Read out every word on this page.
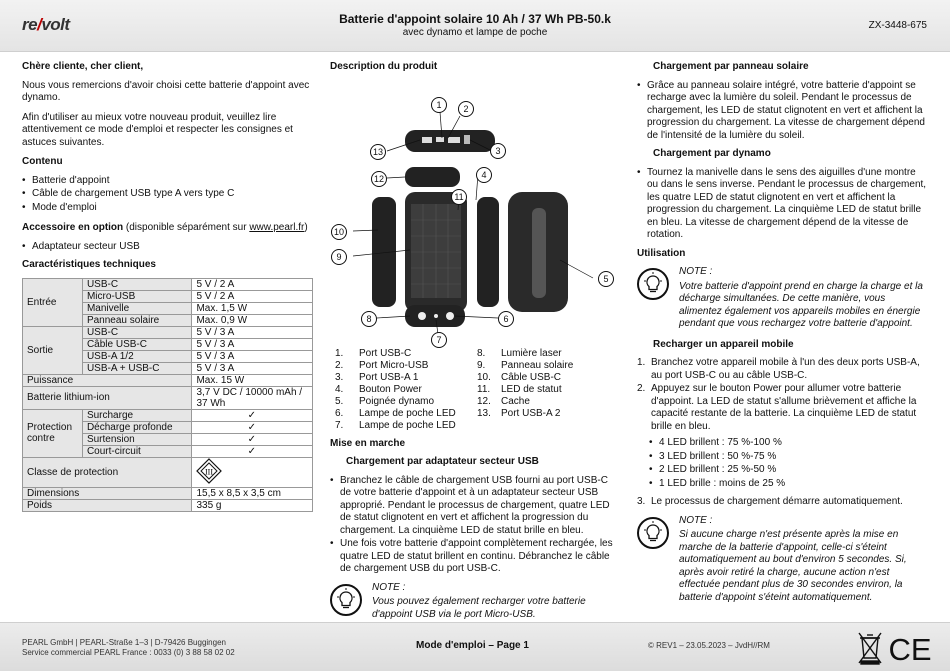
re/volt	Batterie d'appoint solaire 10 Ah / 37 Wh PB-50.k
avec dynamo et lampe de poche
ZX-3448-675
Chère cliente, cher client,

Nous vous remercions d'avoir choisi cette batterie d'appoint avec dynamo.

Afin d'utiliser au mieux votre nouveau produit, veuillez lire attentivement ce mode d'emploi et respecter les consignes et astuces suivantes.

Contenu
• Batterie d'appoint
• Câble de chargement USB type A vers type C
• Mode d'emploi

Accessoire en option (disponible séparément sur www.pearl.fr)

• Adaptateur secteur USB
Caractéristiques techniques
Entrée	USB-C	5 V / 2 A
	Micro-USB	5 V / 2 A
	Manivelle	Max. 1,5 W
	Panneau solaire	Max. 0,9 W
Sortie	USB-C	5 V / 3 A
	Câble USB-C	5 V / 3 A
	USB-A 1/2	5 V / 3 A
	USB-A + USB-C	5 V / 3 A
Puissance		Max. 15 W
Batterie lithium-ion		3,7 V DC / 10000 mAh / 37 Wh
Protection contre	Surcharge	✓
	Décharge profonde	✓
	Surtension	✓
	Court-circuit	✓
Classe de protection		III

Dimensions		15,5 x 8,5 x 3,5 cm
Poids		335 g
Description du produit
1	2
3
4
5
6
7
8
9
10
11
12
13
1.	Port USB-C
2.	Port Micro-USB
3.	Port USB-A 1
4.	Bouton Power
5.	Poignée dynamo
6.	Lampe de poche LED
7.	Lampe de poche LED
8.	Lumière laser
9.	Panneau solaire
10.	Câble USB-C
11.	LED de statut
12.	Cache
13.	Port USB-A 2
Mise en marche
Chargement par adaptateur secteur USB
• Branchez le câble de chargement USB fourni au port USB-C de votre batterie d'appoint et à un adaptateur secteur USB approprié. Pendant le processus de chargement, quatre LED de statut clignotent en vert et affichent la progression du chargement. La cinquième LED de statut brille en bleu.
• Une fois votre batterie d'appoint complètement rechargée, les quatre LED de statut brillent en continu. Débranchez le câble de chargement USB du port USB-C.
NOTE :
Vous pouvez également recharger votre batterie d'appoint USB via le port Micro-USB.
Chargement par panneau solaire
• Grâce au panneau solaire intégré, votre batterie d'appoint se recharge avec la lumière du soleil. Pendant le processus de chargement, les LED de statut clignotent en vert et affichent la progression du chargement. La vitesse de chargement dépend de l'intensité de la lumière du soleil.
Chargement par dynamo
• Tournez la manivelle dans le sens des aiguilles d'une montre ou dans le sens inverse. Pendant le processus de chargement, les quatre LED de statut clignotent en vert et affichent la progression du chargement. La cinquième LED de statut brille en bleu. La vitesse de chargement dépend de la vitesse de rotation.
Utilisation
NOTE :
Votre batterie d'appoint prend en charge la charge et la décharge simultanées. De cette manière, vous alimentez également vos appareils mobiles en énergie pendant que vous rechargez votre batterie d'appoint.
Recharger un appareil mobile
1. Branchez votre appareil mobile à l'un des deux ports USB-A, au port USB-C ou au câble USB-C.
2. Appuyez sur le bouton Power pour allumer votre batterie d'appoint. La LED de statut s'allume brièvement et affiche la capacité restante de la batterie. La cinquième LED de statut brille en bleu.
• 4 LED brillent : 75 %-100 %
• 3 LED brillent : 50 %-75 %
• 2 LED brillent : 25 %-50 %
• 1 LED brille : moins de 25 %
3. Le processus de chargement démarre automatiquement.
NOTE :
Si aucune charge n'est présente après la mise en marche de la batterie d'appoint, celle-ci s'éteint automatiquement au bout d'environ 5 secondes. Si, après avoir retiré la charge, aucune action n'est effectuée pendant plus de 30 secondes environ, la batterie d'appoint s'éteint automatiquement.
PEARL GmbH | PEARL-Straße 1–3 | D-79426 Buggingen
Service commercial PEARL France : 0033 (0) 3 88 58 02 02
Mode d'emploi – Page 1	© REV1 – 23.05.2023 – JvdH//RM	CE
